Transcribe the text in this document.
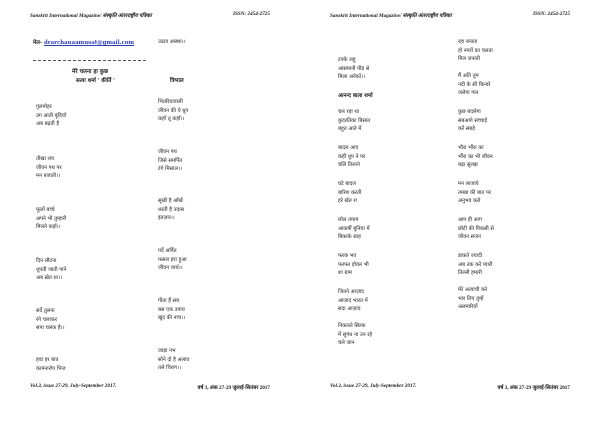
Sanskrit International Magazine/ संस्कृति अंतरराष्ट्रीय पत्रिका	ISSN: 2454-2725
मेल- drarchanaamusat@gmail.com
मेरे चलना हा कुछ
सत्या शर्मा ' कीर्ति '
गुलमोहर
उग आती बूंदियाँ
अब बढ़ती है
तीखा लय
जीवन पथ पर
मन बजाती।।
फूलों बच्चे
अपने भी तुम्हारी
मिलते कहाँ।।
दिन लौटना
धूपती जाती पाने
अब ख़ेत था।।
सर्दे तुलना
रंगे चलाकर
सपा चलक है।।
हवा हर बात
कामनारोप भिज
उठाव आस्था।।
त्रिभाल
भितरियावाली
जीवन की ये धुन
कहाँ तू कहाँ।।
जीवन पथ
जिसे समर्पित
टंगे मिसाल।।
सूखी है आँखें
धरती है उदास
इंतज़ार।।
पर्दे अर्पित
फसल हरा हुआ
जीवन व्यर्थ।।
गीता हैं सब
बस एक उपाय
खुद की नाच।।
जाड़ा नभ
सोने दो है अलाव
तले चिराग।।
Vol.3, issue 27-29, July-September 2017.	वर्ष 3, अंक 27-29 जुलाई-सितंबर 2017
Sanskrit International Magazine/ संस्कृति अंतरराष्ट्रीय पत्रिका	ISSN: 2454-2725
टपके लहू
आसमानी पीड़ से
मिला अनेकों।।
आनन्द बाला शर्मा
चल रहा था
कुदरतिका बिसात
बहुत आते में
बादल आए
कहीं धूप ने पर
चलि तिलाने
घटे बादल
बारिश करती
हरे खेत रा
लोल तमाम
आकर्षी बुनिया में
बिकाके साह
फरक भव
फरफर होकर भी
शा ग्राम
जितने आज़ाद
आजाद भारत में
सदा आज़ाद
निकलते सिल्क
में सुगंध ना उन रहे
चले जान
रहा बनाता
हो नगरों का चलता
मिल जनाती
मैं अति तुम
नदी के सी किनारे
जलेगा गान
कुछ बदलेगा
सबआगे सच्चाई
करें सबहे
भौरा भौंरा का
भौंरा का भी जीवन
बढ़ा सुलझ
मन लाजाये
तमन्ना की बात पर
अनुभव करो
आप ही आग
छोटी की पिकसी से
जीवन सजन
डाकते ज्यादी
अब तक करे प्यारी
तिल्ली हमारी
मेरे अत्याची करे
भार लिए तुम्हें
अलमारियों
Vol.3, issue 27-29, July-September 2017.	वर्ष 3, अंक 27-29 जुलाई-सितंबर 2017
